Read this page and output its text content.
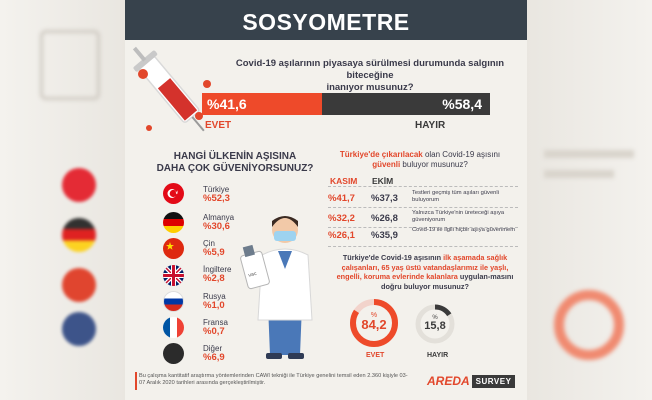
SOSYOMETRE
Covid-19 aşılarının piyasaya sürülmesi durumunda salgının biteceğine
inanıyor musunuz?
%41,6	%58,4
EVET	HAYIR
HANGİ ÜLKENİN AŞISINA
DAHA ÇOK GÜVENİYORSUNUZ?
Türkiye
%52,3
Almanya
%30,6
Çin
%5,9
İngiltere
%2,8
Rusya
%1,0
Fransa
%0,7
Diğer
%6,9
vac
Türkiye'de çıkarılacak olan Covid-19 aşısını
güvenli buluyor musunuz?
KASIM EKİM
%41,7 %37,3 Testleri geçmiş tüm aşıları güvenli buluyorum
%32,2 %26,8 Yalnızca Türkiye'nin üreteceği aşıya güveniyorum
%26,1 %35,9 Covid-19 ile ilgili hiçbir aşıya güvenmem
Türkiye'de Covid-19 aşısının ilk aşamada sağlık çalışanları, 65 yaş üstü vatandaşlarımız ile yaşlı, engelli, koruma evlerinde kalanlara uygulan-masını doğru buluyor musunuz?
%
84,2
EVET
%
15,8
HAYIR
Bu çalışma kantitatif araştırma yöntemlerinden CAWI tekniği ile Türkiye genelini temsil eden 2.360 kişiyle 03-07 Aralık 2020 tarihleri arasında gerçekleştirilmiştir.	AREDA SURVEY
